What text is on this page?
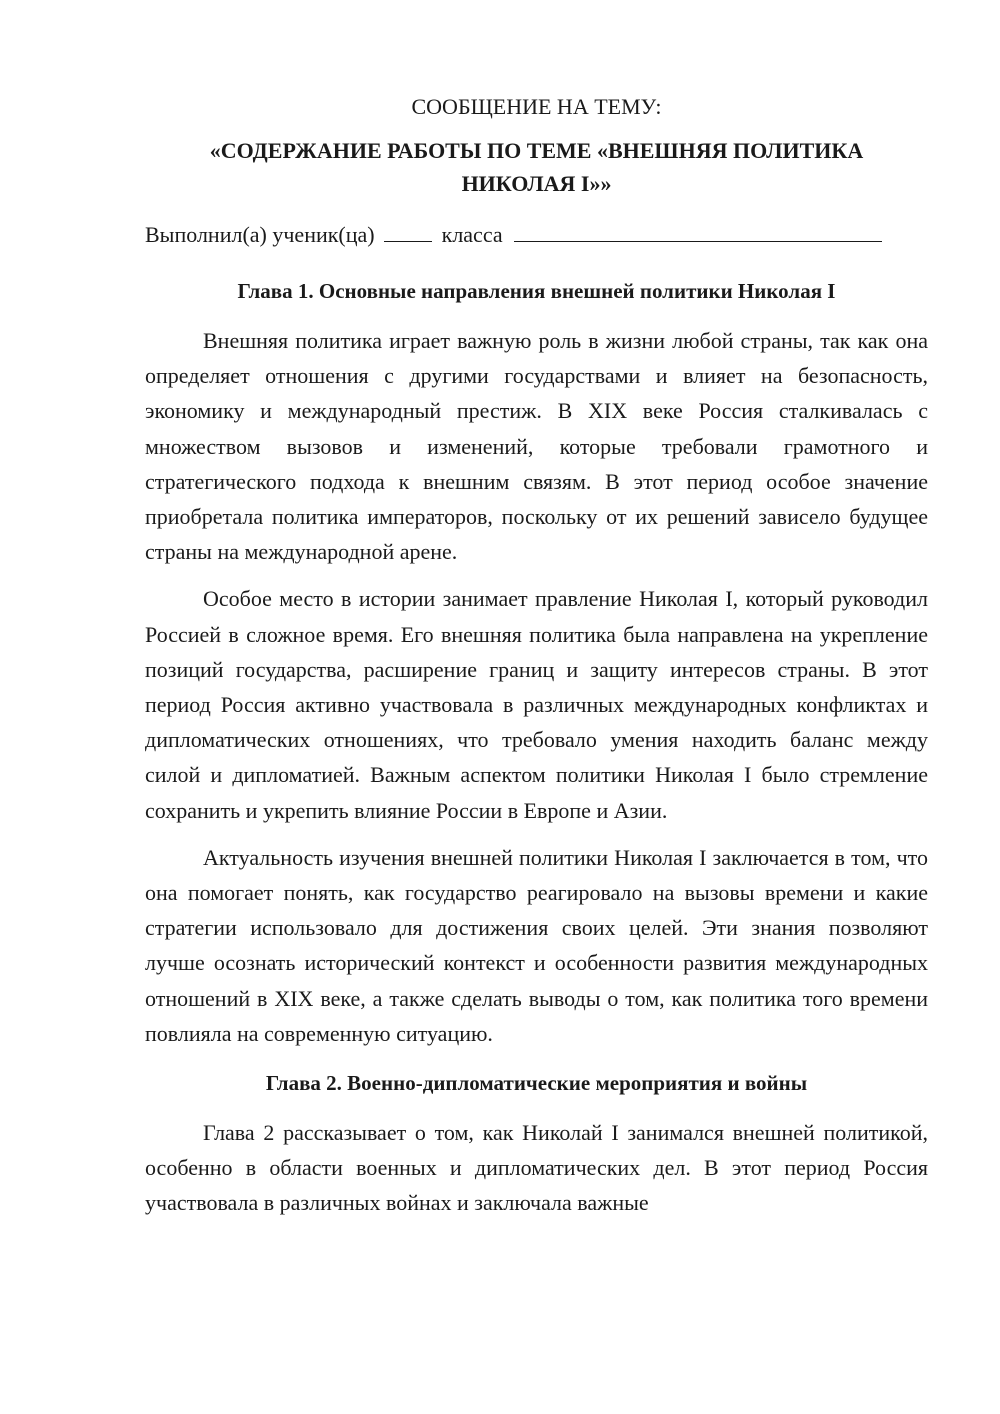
СООБЩЕНИЕ НА ТЕМУ:

«СОДЕРЖАНИЕ РАБОТЫ ПО ТЕМЕ «ВНЕШНЯЯ ПОЛИТИКА НИКОЛАЯ I»»

Выполнил(а) ученик(ца)	класса

Глава 1. Основные направления внешней политики Николая I

Внешняя политика играет важную роль в жизни любой страны, так как она определяет отношения с другими государствами и влияет на безопасность, экономику и международный престиж. В XIX веке Россия сталкивалась с множеством вызовов и изменений, которые требовали грамотного и стратегического подхода к внешним связям. В этот период особое значение приобретала политика императоров, поскольку от их решений зависело будущее страны на международной арене.

Особое место в истории занимает правление Николая I, который руководил Россией в сложное время. Его внешняя политика была направлена на укрепление позиций государства, расширение границ и защиту интересов страны. В этот период Россия активно участвовала в различных международных конфликтах и дипломатических отношениях, что требовало умения находить баланс между силой и дипломатией. Важным аспектом политики Николая I было стремление сохранить и укрепить влияние России в Европе и Азии.

Актуальность изучения внешней политики Николая I заключается в том, что она помогает понять, как государство реагировало на вызовы времени и какие стратегии использовало для достижения своих целей. Эти знания позволяют лучше осознать исторический контекст и особенности развития международных отношений в XIX веке, а также сделать выводы о том, как политика того времени повлияла на современную ситуацию.

Глава 2. Военно-дипломатические мероприятия и войны

Глава 2 рассказывает о том, как Николай I занимался внешней политикой, особенно в области военных и дипломатических дел. В этот период Россия участвовала в различных войнах и заключала важные
